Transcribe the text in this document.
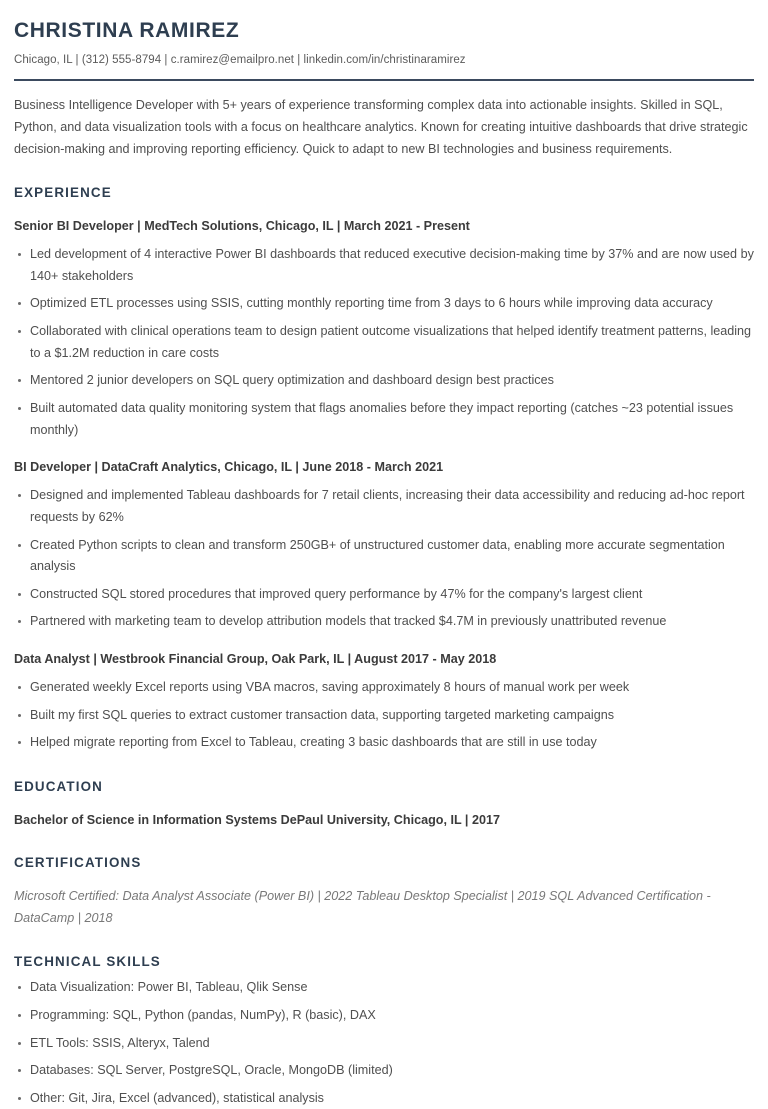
CHRISTINA RAMIREZ

Chicago, IL | (312) 555-8794 | c.ramirez@emailpro.net | linkedin.com/in/christinaramirez

Business Intelligence Developer with 5+ years of experience transforming complex data into actionable insights. Skilled in SQL, Python, and data visualization tools with a focus on healthcare analytics. Known for creating intuitive dashboards that drive strategic decision-making and improving reporting efficiency. Quick to adapt to new BI technologies and business requirements.

EXPERIENCE
Senior BI Developer | MedTech Solutions, Chicago, IL | March 2021 - Present
Led development of 4 interactive Power BI dashboards that reduced executive decision-making time by 37% and are now used by 140+ stakeholders
Optimized ETL processes using SSIS, cutting monthly reporting time from 3 days to 6 hours while improving data accuracy
Collaborated with clinical operations team to design patient outcome visualizations that helped identify treatment patterns, leading to a $1.2M reduction in care costs
Mentored 2 junior developers on SQL query optimization and dashboard design best practices
Built automated data quality monitoring system that flags anomalies before they impact reporting (catches ~23 potential issues monthly)
BI Developer | DataCraft Analytics, Chicago, IL | June 2018 - March 2021
Designed and implemented Tableau dashboards for 7 retail clients, increasing their data accessibility and reducing ad-hoc report requests by 62%
Created Python scripts to clean and transform 250GB+ of unstructured customer data, enabling more accurate segmentation analysis
Constructed SQL stored procedures that improved query performance by 47% for the company's largest client
Partnered with marketing team to develop attribution models that tracked $4.7M in previously unattributed revenue
Data Analyst | Westbrook Financial Group, Oak Park, IL | August 2017 - May 2018
Generated weekly Excel reports using VBA macros, saving approximately 8 hours of manual work per week
Built my first SQL queries to extract customer transaction data, supporting targeted marketing campaigns
Helped migrate reporting from Excel to Tableau, creating 3 basic dashboards that are still in use today
EDUCATION

Bachelor of Science in Information Systems DePaul University, Chicago, IL | 2017

CERTIFICATIONS

Microsoft Certified: Data Analyst Associate (Power BI) | 2022 Tableau Desktop Specialist | 2019 SQL Advanced Certification - DataCamp | 2018

TECHNICAL SKILLS
Data Visualization: Power BI, Tableau, Qlik Sense
Programming: SQL, Python (pandas, NumPy), R (basic), DAX
ETL Tools: SSIS, Alteryx, Talend
Databases: SQL Server, PostgreSQL, Oracle, MongoDB (limited)
Other: Git, Jira, Excel (advanced), statistical analysis
